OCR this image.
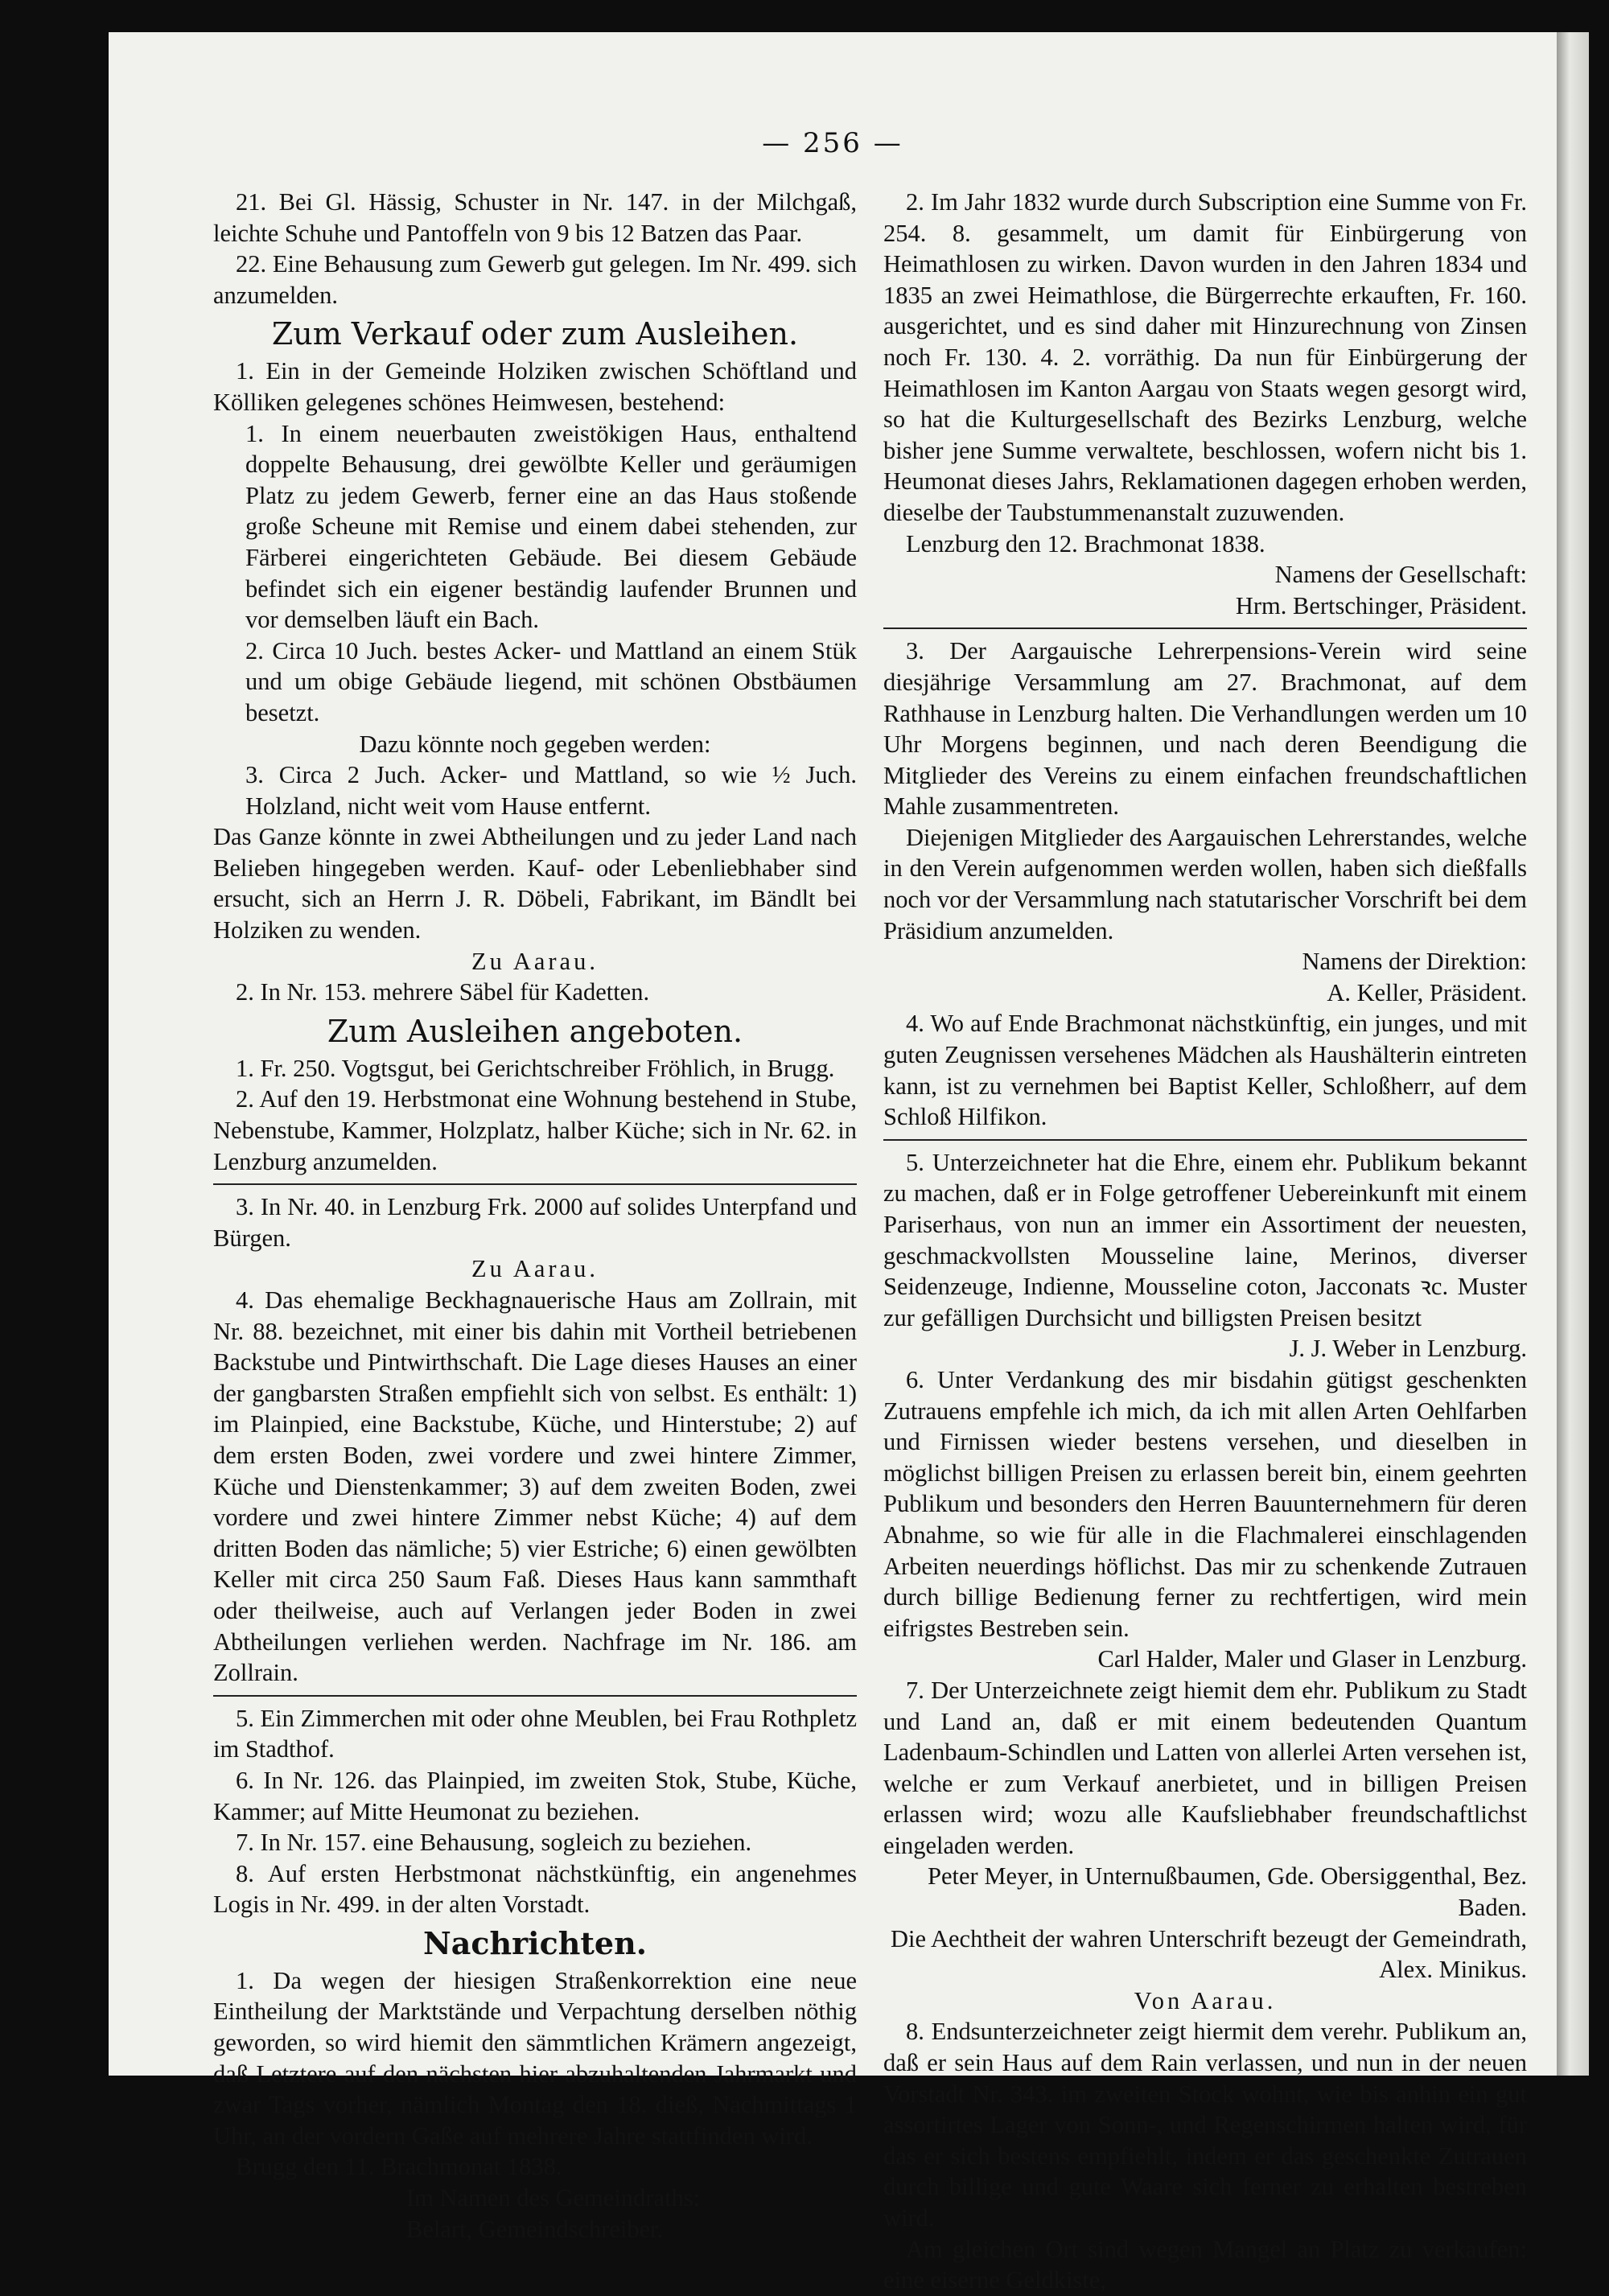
— 256 —

21. Bei Gl. Hässig, Schuster in Nr. 147. in der Milchgaß, leichte Schuhe und Pantoffeln von 9 bis 12 Batzen das Paar.

22. Eine Behausung zum Gewerb gut gelegen. Im Nr. 499. sich anzumelden.

Zum Verkauf oder zum Ausleihen.

1. Ein in der Gemeinde Holziken zwischen Schöftland und Kölliken gelegenes schönes Heimwesen, bestehend:

1. In einem neuerbauten zweistökigen Haus, enthaltend doppelte Behausung, drei gewölbte Keller und geräumigen Platz zu jedem Gewerb, ferner eine an das Haus stoßende große Scheune mit Remise und einem dabei stehenden, zur Färberei eingerichteten Gebäude. Bei diesem Gebäude befindet sich ein eigener beständig laufender Brunnen und vor demselben läuft ein Bach.

2. Circa 10 Juch. bestes Acker- und Mattland an einem Stük und um obige Gebäude liegend, mit schönen Obstbäumen besetzt.

Dazu könnte noch gegeben werden:

3. Circa 2 Juch. Acker- und Mattland, so wie ½ Juch. Holzland, nicht weit vom Hause entfernt.

Das Ganze könnte in zwei Abtheilungen und zu jeder Land nach Belieben hingegeben werden. Kauf- oder Lebenliebhaber sind ersucht, sich an Herrn J. R. Döbeli, Fabrikant, im Bändlt bei Holziken zu wenden.

Zu Aarau.

2. In Nr. 153. mehrere Säbel für Kadetten.

Zum Ausleihen angeboten.

1. Fr. 250. Vogtsgut, bei Gerichtschreiber Fröhlich, in Brugg.

2. Auf den 19. Herbstmonat eine Wohnung bestehend in Stube, Nebenstube, Kammer, Holzplatz, halber Küche; sich in Nr. 62. in Lenzburg anzumelden.

3. In Nr. 40. in Lenzburg Frk. 2000 auf solides Unterpfand und Bürgen.

Zu Aarau.

4. Das ehemalige Beckhagnauerische Haus am Zollrain, mit Nr. 88. bezeichnet, mit einer bis dahin mit Vortheil betriebenen Backstube und Pintwirthschaft. Die Lage dieses Hauses an einer der gangbarsten Straßen empfiehlt sich von selbst. Es enthält: 1) im Plainpied, eine Backstube, Küche, und Hinterstube; 2) auf dem ersten Boden, zwei vordere und zwei hintere Zimmer, Küche und Dienstenkammer; 3) auf dem zweiten Boden, zwei vordere und zwei hintere Zimmer nebst Küche; 4) auf dem dritten Boden das nämliche; 5) vier Estriche; 6) einen gewölbten Keller mit circa 250 Saum Faß. Dieses Haus kann sammthaft oder theilweise, auch auf Verlangen jeder Boden in zwei Abtheilungen verliehen werden. Nachfrage im Nr. 186. am Zollrain.

5. Ein Zimmerchen mit oder ohne Meublen, bei Frau Rothpletz im Stadthof.

6. In Nr. 126. das Plainpied, im zweiten Stok, Stube, Küche, Kammer; auf Mitte Heumonat zu beziehen.

7. In Nr. 157. eine Behausung, sogleich zu beziehen.

8. Auf ersten Herbstmonat nächstkünftig, ein angenehmes Logis in Nr. 499. in der alten Vorstadt.

Nachrichten.

1. Da wegen der hiesigen Straßenkorrektion eine neue Eintheilung der Marktstände und Verpachtung derselben nöthig geworden, so wird hiemit den sämmtlichen Krämern angezeigt, daß Letztere auf den nächsten hier abzuhaltenden Jahrmarkt und zwar Tags vorher, nämlich Montag den 18. dieß, Nachmittags 1 Uhr, an der vordern Gaße auf mehrere Jahre stattfinden wird.

Brugg den 11. Brachmonat 1838.

Im Namen des Gemeindraths:

Belart, Gemeindschreiber.

2. Im Jahr 1832 wurde durch Subscription eine Summe von Fr. 254. 8. gesammelt, um damit für Einbürgerung von Heimathlosen zu wirken. Davon wurden in den Jahren 1834 und 1835 an zwei Heimathlose, die Bürgerrechte erkauften, Fr. 160. ausgerichtet, und es sind daher mit Hinzurechnung von Zinsen noch Fr. 130. 4. 2. vorräthig. Da nun für Einbürgerung der Heimathlosen im Kanton Aargau von Staats wegen gesorgt wird, so hat die Kulturgesellschaft des Bezirks Lenzburg, welche bisher jene Summe verwaltete, beschlossen, wofern nicht bis 1. Heumonat dieses Jahrs, Reklamationen dagegen erhoben werden, dieselbe der Taubstummenanstalt zuzuwenden.

Lenzburg den 12. Brachmonat 1838.

Namens der Gesellschaft:

Hrm. Bertschinger, Präsident.

3. Der Aargauische Lehrerpensions-Verein wird seine diesjährige Versammlung am 27. Brachmonat, auf dem Rathhause in Lenzburg halten. Die Verhandlungen werden um 10 Uhr Morgens beginnen, und nach deren Beendigung die Mitglieder des Vereins zu einem einfachen freundschaftlichen Mahle zusammentreten.

Diejenigen Mitglieder des Aargauischen Lehrerstandes, welche in den Verein aufgenommen werden wollen, haben sich dießfalls noch vor der Versammlung nach statutarischer Vorschrift bei dem Präsidium anzumelden.

Namens der Direktion:

A. Keller, Präsident.

4. Wo auf Ende Brachmonat nächstkünftig, ein junges, und mit guten Zeugnissen versehenes Mädchen als Haushälterin eintreten kann, ist zu vernehmen bei Baptist Keller, Schloßherr, auf dem Schloß Hilfikon.

5. Unterzeichneter hat die Ehre, einem ehr. Publikum bekannt zu machen, daß er in Folge getroffener Uebereinkunft mit einem Pariserhaus, von nun an immer ein Assortiment der neuesten, geschmackvollsten Mousseline laine, Merinos, diverser Seidenzeuge, Indienne, Mousseline coton, Jacconats ꝛc. Muster zur gefälligen Durchsicht und billigsten Preisen besitzt

J. J. Weber in Lenzburg.

6. Unter Verdankung des mir bisdahin gütigst geschenkten Zutrauens empfehle ich mich, da ich mit allen Arten Oehlfarben und Firnissen wieder bestens versehen, und dieselben in möglichst billigen Preisen zu erlassen bereit bin, einem geehrten Publikum und besonders den Herren Bauunternehmern für deren Abnahme, so wie für alle in die Flachmalerei einschlagenden Arbeiten neuerdings höflichst. Das mir zu schenkende Zutrauen durch billige Bedienung ferner zu rechtfertigen, wird mein eifrigstes Bestreben sein.

Carl Halder, Maler und Glaser in Lenzburg.

7. Der Unterzeichnete zeigt hiemit dem ehr. Publikum zu Stadt und Land an, daß er mit einem bedeutenden Quantum Ladenbaum-Schindlen und Latten von allerlei Arten versehen ist, welche er zum Verkauf anerbietet, und in billigen Preisen erlassen wird; wozu alle Kaufsliebhaber freundschaftlichst eingeladen werden.

Peter Meyer, in Unternußbaumen, Gde. Obersiggenthal, Bez. Baden.

Die Aechtheit der wahren Unterschrift bezeugt der Gemeindrath, Alex. Minikus.

Von Aarau.

8. Endsunterzeichneter zeigt hiermit dem verehr. Publikum an, daß er sein Haus auf dem Rain verlassen, und nun in der neuen Vorstadt Nr. 343. im zweiten Stock wohnt, wie bis anhin ein gut assortirtes Lager von Sonn-, und Regenschirmen halten wird, für das er sich bestens empfiehlt, indem er das geschenkte Zutrauen durch billige und gute Waare sich ferner zu erhalten bestreben wird.

Am gleichen Ort sind wegen Mangel an Platz zu verkaufen: eine eiserne Geldkiste,
